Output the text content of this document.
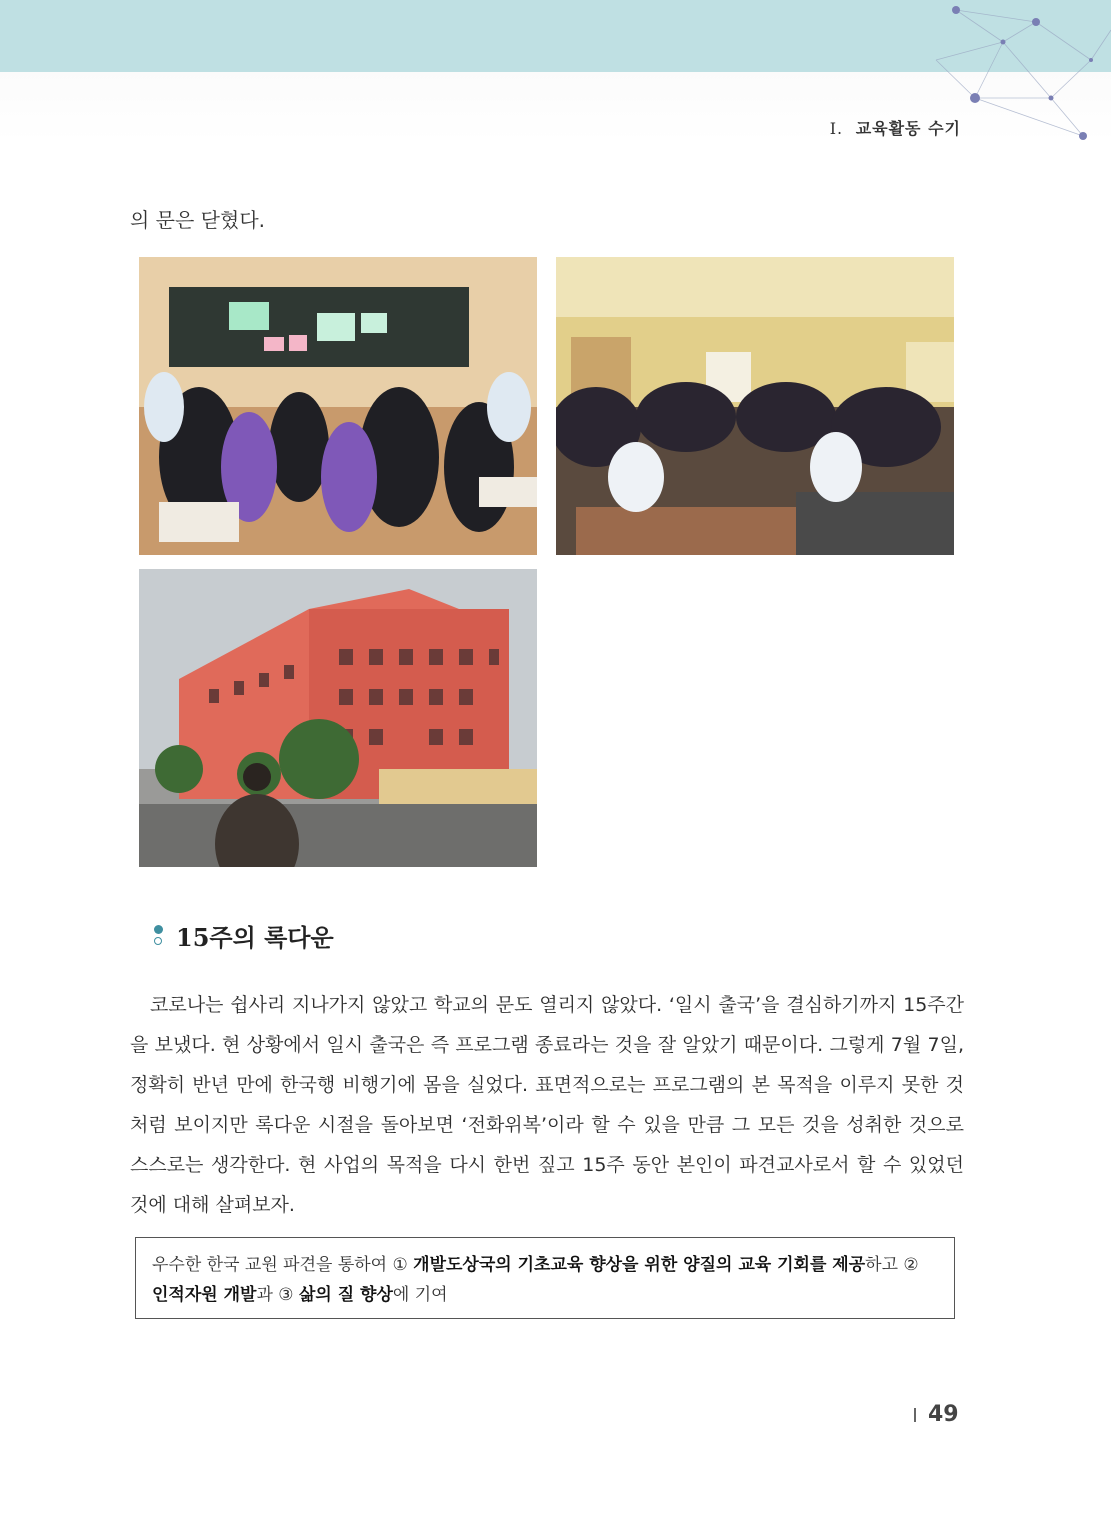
I. 교육활동 수기
의 문은 닫혔다.
15주의 록다운

코로나는 쉽사리 지나가지 않았고 학교의 문도 열리지 않았다. ‘일시 출국’을 결심하기까지 15주간을 보냈다. 현 상황에서 일시 출국은 즉 프로그램 종료라는 것을 잘 알았기 때문이다. 그렇게 7월 7일, 정확히 반년 만에 한국행 비행기에 몸을 실었다. 표면적으로는 프로그램의 본 목적을 이루지 못한 것처럼 보이지만 록다운 시절을 돌아보면 ‘전화위복’이라 할 수 있을 만큼 그 모든 것을 성취한 것으로 스스로는 생각한다. 현 사업의 목적을 다시 한번 짚고 15주 동안 본인이 파견교사로서 할 수 있었던 것에 대해 살펴보자.

우수한 한국 교원 파견을 통하여 ① 개발도상국의 기초교육 향상을 위한 양질의 교육 기회를 제공하고 ② 인적자원 개발과 ③ 삶의 질 향상에 기여
49
